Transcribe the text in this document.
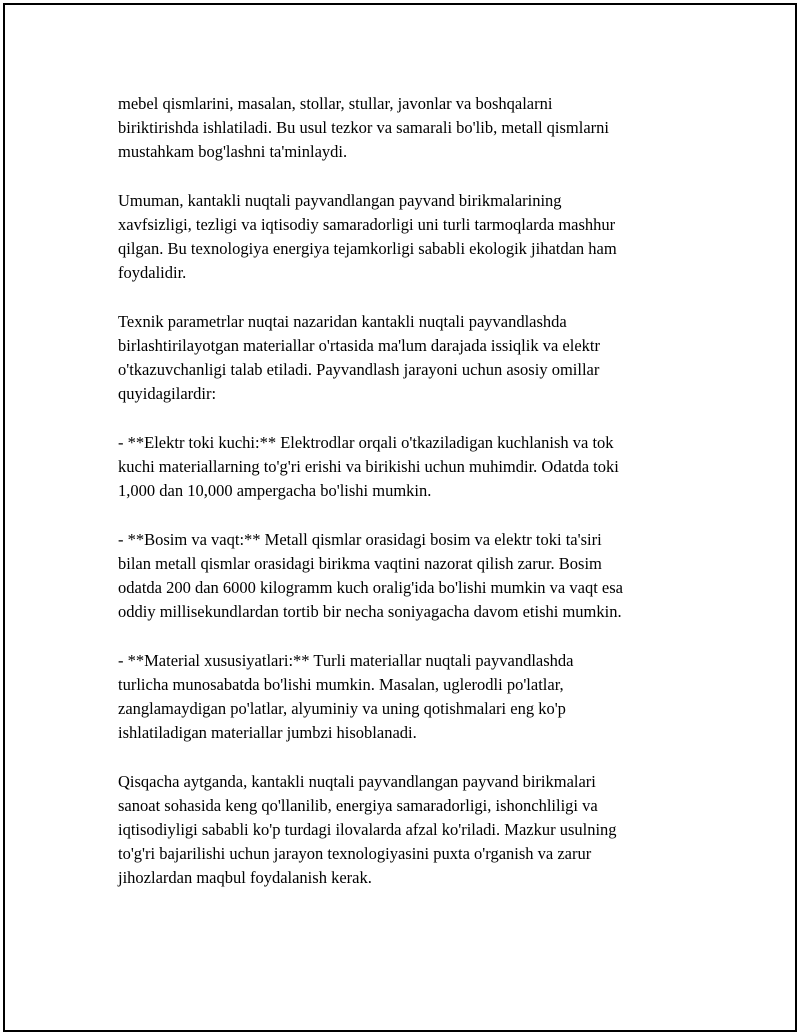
mebel qismlarini, masalan, stollar, stullar, javonlar va boshqalarni
biriktirishda ishlatiladi. Bu usul tezkor va samarali bo'lib, metall qismlarni
mustahkam bog'lashni ta'minlaydi.
Umuman, kantakli nuqtali payvandlangan payvand birikmalarining
xavfsizligi, tezligi va iqtisodiy samaradorligi uni turli tarmoqlarda mashhur
qilgan. Bu texnologiya energiya tejamkorligi sababli ekologik jihatdan ham
foydalidir.
Texnik parametrlar nuqtai nazaridan kantakli nuqtali payvandlashda
birlashtirilayotgan materiallar o'rtasida ma'lum darajada issiqlik va elektr
o'tkazuvchanligi talab etiladi. Payvandlash jarayoni uchun asosiy omillar
quyidagilardir:
- **Elektr toki kuchi:** Elektrodlar orqali o'tkaziladigan kuchlanish va tok
kuchi materiallarning to'g'ri erishi va birikishi uchun muhimdir. Odatda toki
1,000 dan 10,000 ampergacha bo'lishi mumkin.
- **Bosim va vaqt:** Metall qismlar orasidagi bosim va elektr toki ta'siri
bilan metall qismlar orasidagi birikma vaqtini nazorat qilish zarur. Bosim
odatda 200 dan 6000 kilogramm kuch oralig'ida bo'lishi mumkin va vaqt esa
oddiy millisekundlardan tortib bir necha soniyagacha davom etishi mumkin.
- **Material xususiyatlari:** Turli materiallar nuqtali payvandlashda
turlicha munosabatda bo'lishi mumkin. Masalan, uglerodli po'latlar,
zanglamaydigan po'latlar, alyuminiy va uning qotishmalari eng ko'p
ishlatiladigan materiallar jumbzi hisoblanadi.
Qisqacha aytganda, kantakli nuqtali payvandlangan payvand birikmalari
sanoat sohasida keng qo'llanilib, energiya samaradorligi, ishonchliligi va
iqtisodiyligi sababli ko'p turdagi ilovalarda afzal ko'riladi. Mazkur usulning
to'g'ri bajarilishi uchun jarayon texnologiyasini puxta o'rganish va zarur
jihozlardan maqbul foydalanish kerak.
